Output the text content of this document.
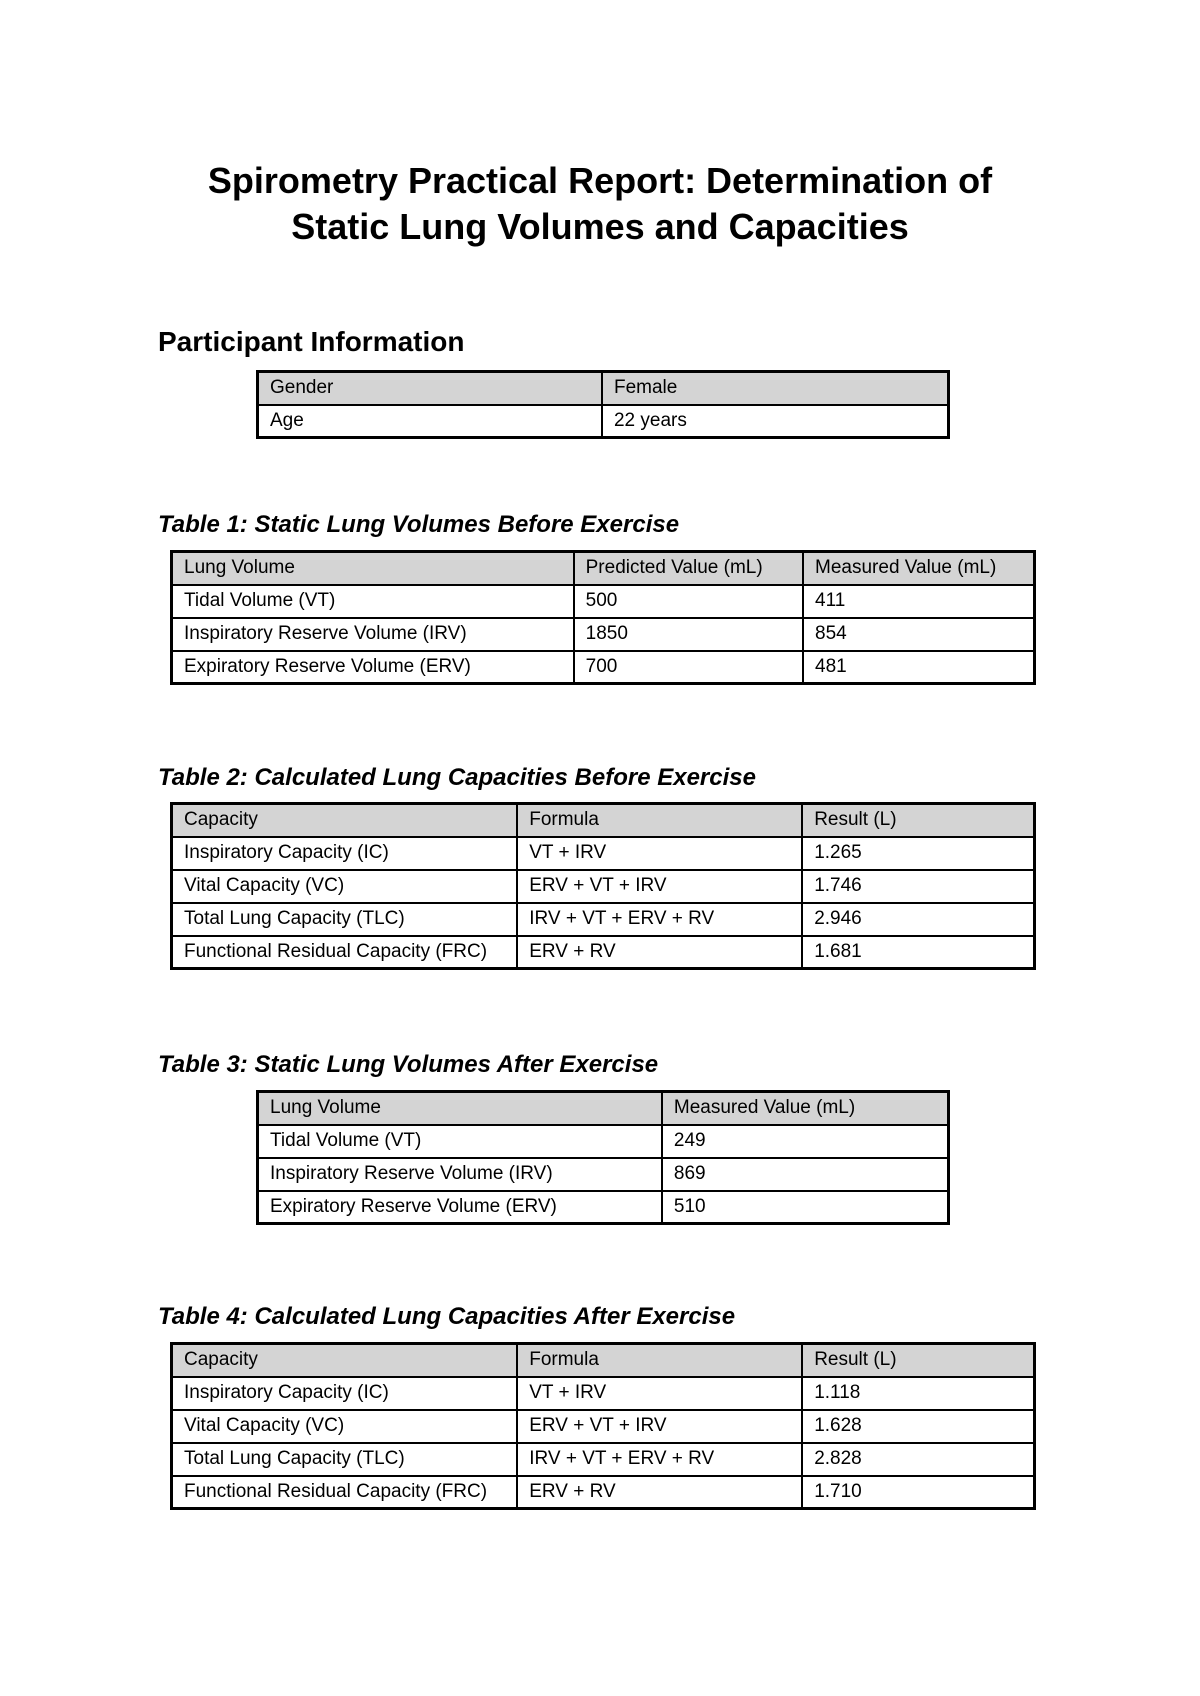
Spirometry Practical Report: Determination of
Static Lung Volumes and Capacities
Participant Information
Gender	Female
Age	22 years

Table 1: Static Lung Volumes Before Exercise

Lung Volume	Predicted Value (mL)	Measured Value (mL)
Tidal Volume (VT)	500	411
Inspiratory Reserve Volume (IRV)	1850	854
Expiratory Reserve Volume (ERV)	700	481

Table 2: Calculated Lung Capacities Before Exercise

Capacity	Formula	Result (L)
Inspiratory Capacity (IC)	VT + IRV	1.265
Vital Capacity (VC)	ERV + VT + IRV	1.746
Total Lung Capacity (TLC)	IRV + VT + ERV + RV	2.946
Functional Residual Capacity (FRC)	ERV + RV	1.681

Table 3: Static Lung Volumes After Exercise

Lung Volume	Measured Value (mL)
Tidal Volume (VT)	249
Inspiratory Reserve Volume (IRV)	869
Expiratory Reserve Volume (ERV)	510

Table 4: Calculated Lung Capacities After Exercise

Capacity	Formula	Result (L)
Inspiratory Capacity (IC)	VT + IRV	1.118
Vital Capacity (VC)	ERV + VT + IRV	1.628
Total Lung Capacity (TLC)	IRV + VT + ERV + RV	2.828
Functional Residual Capacity (FRC)	ERV + RV	1.710
